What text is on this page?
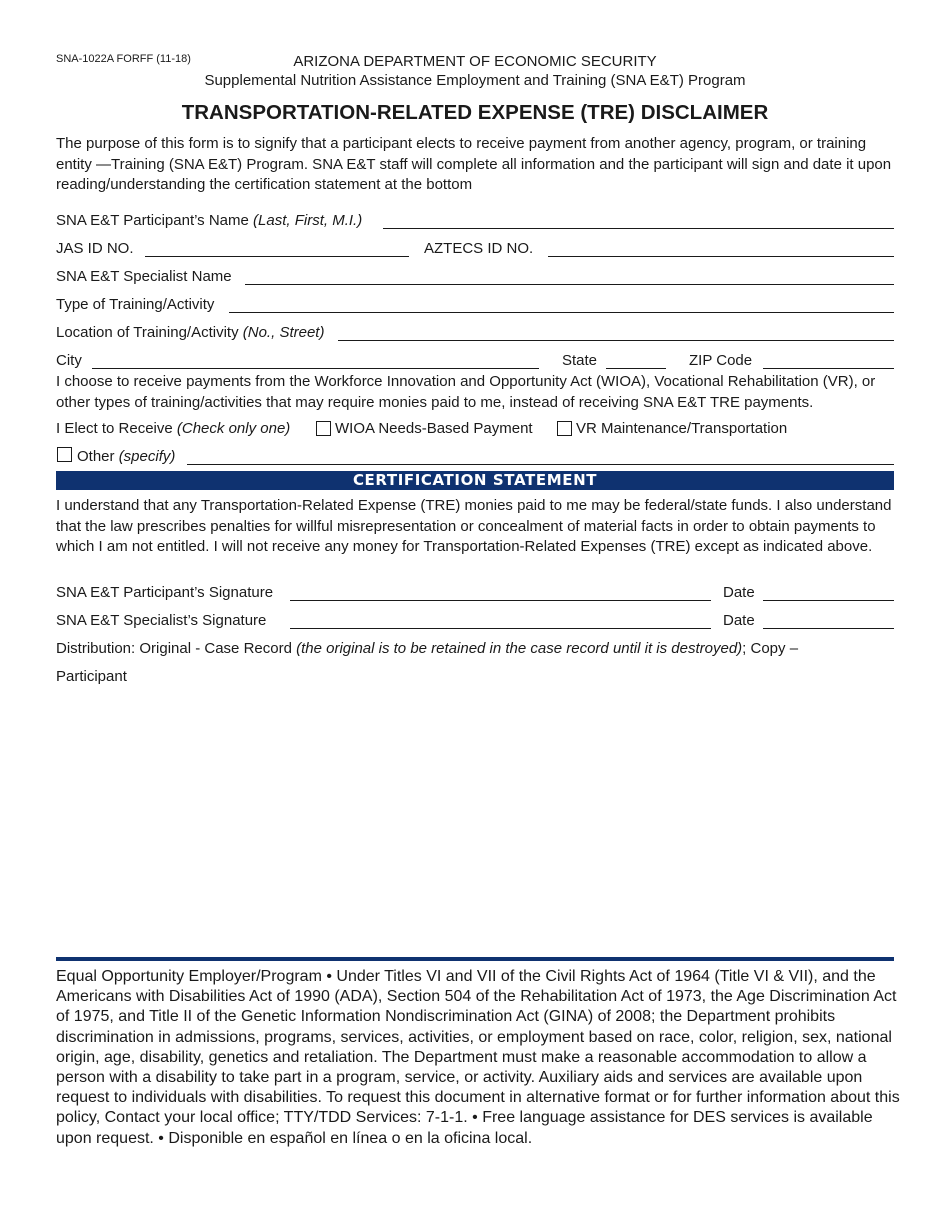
SNA-1022A FORFF (11-18)	ARIZONA DEPARTMENT OF ECONOMIC SECURITY
Supplemental Nutrition Assistance Employment and Training (SNA E&T) Program
TRANSPORTATION-RELATED EXPENSE (TRE) DISCLAIMER
The purpose of this form is to signify that a participant elects to receive payment from another agency, program, or training entity —Training (SNA E&T) Program. SNA E&T staff will complete all information and the participant will sign and date it upon reading/understanding the certification statement at the bottom
SNA E&T Participant’s Name (Last, First, M.I.)
JAS ID NO.	AZTECS ID NO.
SNA E&T Specialist Name
Type of Training/Activity
Location of Training/Activity (No., Street)
City	State	ZIP Code
I choose to receive payments from the Workforce Innovation and Opportunity Act (WIOA), Vocational Rehabilitation (VR), or other types of training/activities that may require monies paid to me, instead of receiving SNA E&T TRE payments.
I Elect to Receive (Check only one)	WIOA Needs-Based Payment	VR Maintenance/Transportation
Other (specify)
CERTIFICATION STATEMENT
I understand that any Transportation-Related Expense (TRE) monies paid to me may be federal/state funds. I also understand that the law prescribes penalties for willful misrepresentation or concealment of material facts in order to obtain payments to which I am not entitled. I will not receive any money for Transportation-Related Expenses (TRE) except as indicated above.
SNA E&T Participant’s Signature	Date
SNA E&T Specialist’s Signature	Date
Distribution: Original - Case Record (the original is to be retained in the case record until it is destroyed); Copy –
Participant
Equal Opportunity Employer/Program • Under Titles VI and VII of the Civil Rights Act of 1964 (Title VI & VII), and the Americans with Disabilities Act of 1990 (ADA), Section 504 of the Rehabilitation Act of 1973, the Age Discrimination Act of 1975, and Title II of the Genetic Information Nondiscrimination Act (GINA) of 2008; the Department prohibits discrimination in admissions, programs, services, activities, or employment based on race, color, religion, sex, national origin, age, disability, genetics and retaliation. The Department must make a reasonable accommodation to allow a person with a disability to take part in a program, service, or activity. Auxiliary aids and services are available upon request to individuals with disabilities. To request this document in alternative format or for further information about this policy, Contact your local office; TTY/TDD Services: 7-1-1. • Free language assistance for DES services is available upon request. • Disponible en español en línea o en la oficina local.
